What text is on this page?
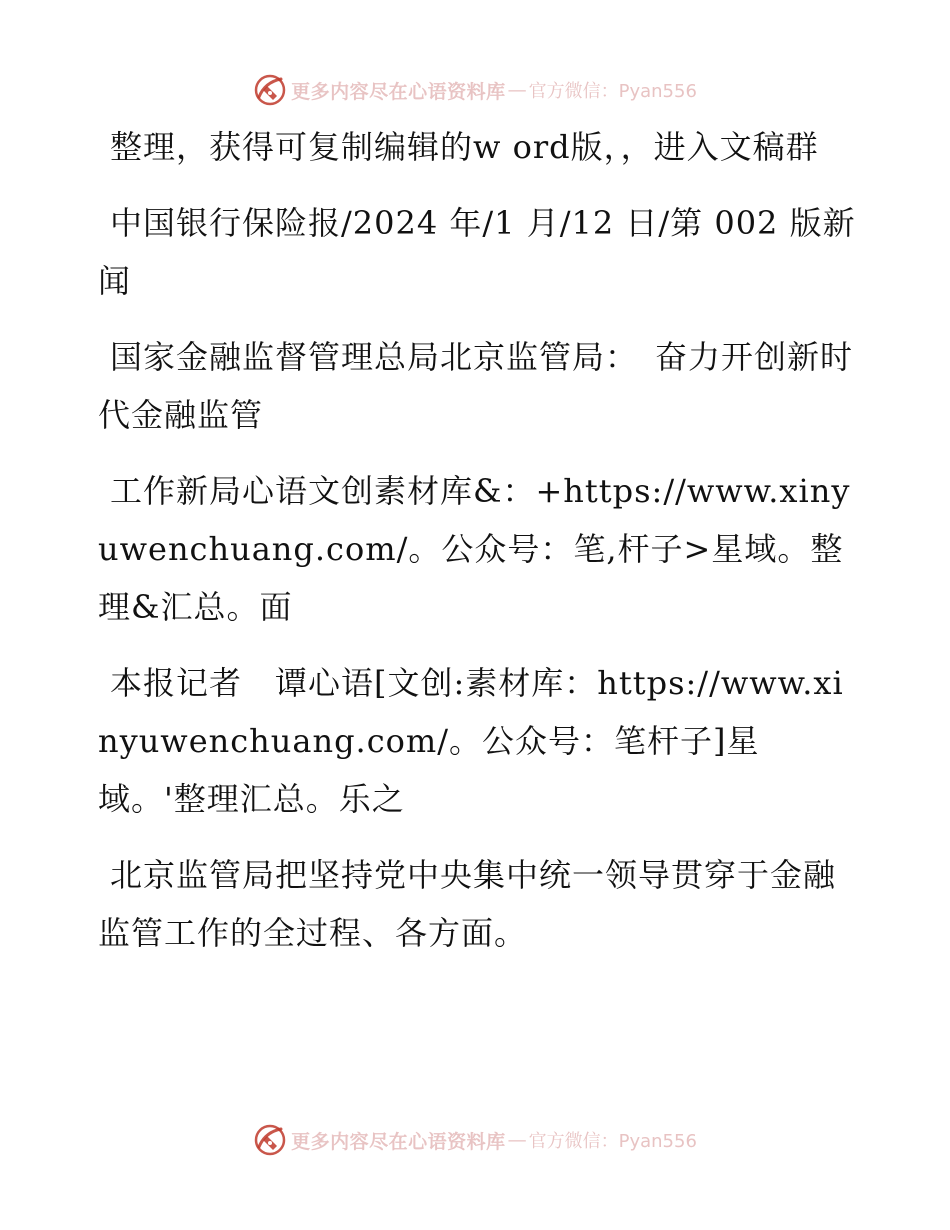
更多内容尽在心语资料库 — 官方微信：Pyan556

整理，获得可复制编辑的w ord版，，进入文稿群

中国银行保险报/2024 年/1 月/12 日/第 002 版新闻

国家金融监督管理总局北京监管局：　奋力开创新时代金融监管

工作新局心语文创素材库&：+https://www.xinyuwenchuang.com/。公众号：笔,杆子>星域。整理&汇总。面

本报记者　谭心语[文创:素材库：https://www.xinyuwenchuang.com/。公众号：笔杆子]星域。'整理汇总。乐之

北京监管局把坚持党中央集中统一领导贯穿于金融监管工作的全过程、各方面。

更多内容尽在心语资料库 — 官方微信：Pyan556
